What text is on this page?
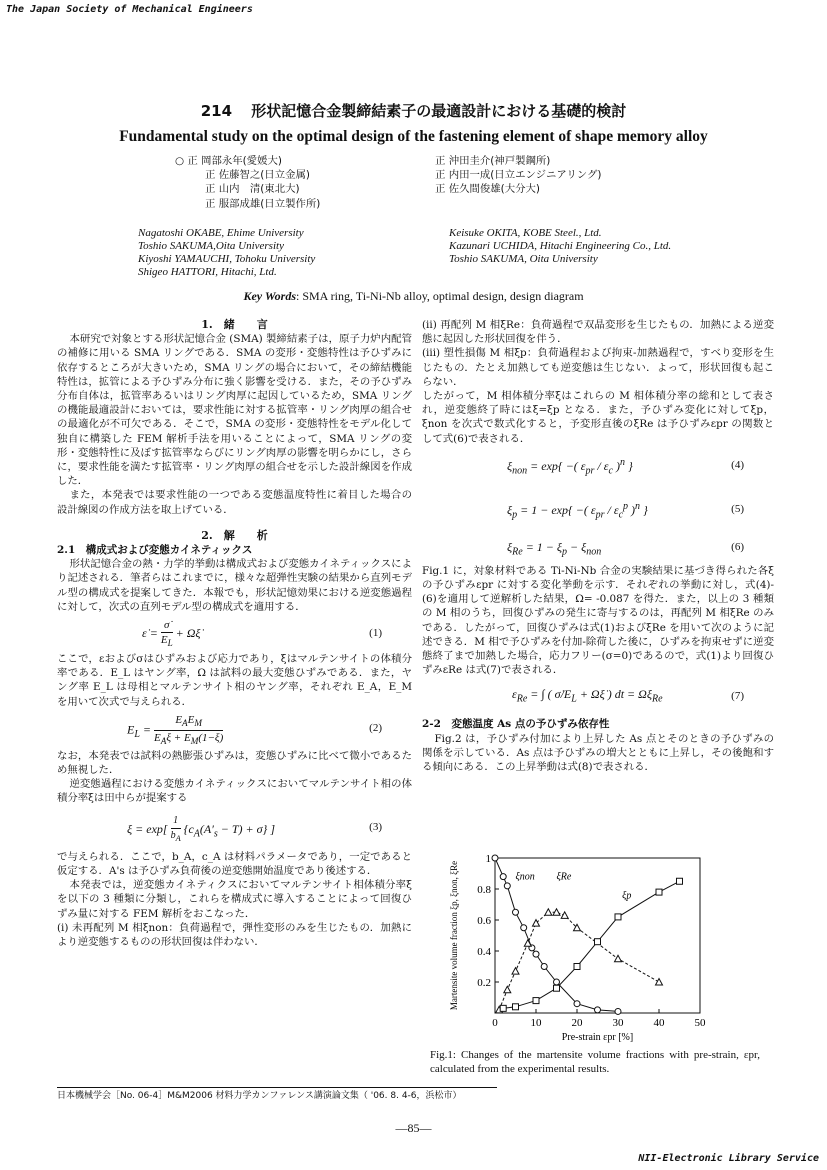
The Japan Society of Mechanical Engineers
214 形状記憶合金製締結素子の最適設計における基礎的検討
Fundamental study on the optimal design of the fastening element of shape memory alloy
○ 正 岡部永年(愛媛大)
正 佐藤智之(日立金属)
正 山内　清(東北大)
正 服部成雄(日立製作所)
正 沖田圭介(神戸製鋼所)
正 内田一成(日立エンジニアリング)
正 佐久間俊雄(大分大)
Nagatoshi OKABE, Ehime University
Toshio SAKUMA,Oita University
Kiyoshi YAMAUCHI, Tohoku University
Shigeo HATTORI, Hitachi, Ltd.
Keisuke OKITA, KOBE Steel., Ltd.
Kazunari UCHIDA, Hitachi Engineering Co., Ltd.
Toshio SAKUMA, Oita University
Key Words: SMA ring, Ti-Ni-Nb alloy, optimal design, design diagram
1.　緒　　言

本研究で対象とする形状記憶合金 (SMA) 製締結素子は，原子力炉内配管の補修に用いる SMA リングである．SMA の変形・変態特性は予ひずみに依存するところが大きいため，SMA リングの場合において，その締結機能特性は，拡管による予ひずみ分布に強く影響を受ける．また，その予ひずみ分布自体は，拡管率あるいはリング肉厚に起因しているため，SMA リングの機能最適設計においては，要求性能に対する拡管率・リング肉厚の組合せの最適化が不可欠である．そこで，SMA の変形・変態特性をモデル化して独自に構築した FEM 解析手法を用いることによって，SMA リングの変形・変態特性に及ぼす拡管率ならびにリング肉厚の影響を明らかにし，さらに，要求性能を満たす拡管率・リング肉厚の組合せを示した設計線図を作成した．

また，本発表では要求性能の一つである変態温度特性に着目した場合の設計線図の作成方法を取上げている．

2.　解　　析
2.1　構成式および変態カイネティックス

形状記憶合金の熱・力学的挙動は構成式および変態カイネティックスにより記述される．筆者らはこれまでに，様々な超弾性実験の結果から直列モデル型の構成式を提案してきた．本報でも，形状記憶効果における逆変態過程に対して，次式の直列モデル型の構成式を適用する．

ε̇ = $\frac{\sigmȧ}{E_L}$ + Ωξ̇	(1)

ここで，εおよびσはひずみおよび応力であり，ξはマルテンサイトの体積分率である．E_L はヤング率，Ω は試料の最大変態ひずみである．また，ヤング率 E_L は母相とマルテンサイト相のヤング率，それぞれ E_A，E_M を用いて次式で与えられる．

$E_L$ =
$E_AE_M$
$E_A\xi + E_M(1-\xi)$
(2)

なお，本発表では試料の熱膨張ひずみは，変態ひずみに比べて微小であるため無視した．

逆変態過程における変態カイネティックスにおいてマルテンサイト相の体積分率ξは田中らが提案する

$\xi = \exp[ \frac{1}{b_A} \{c_A(A'_s - T) + \sigma\}$ ]	(3)

で与えられる．ここで，b_A，c_A は材料パラメータであり，一定であると仮定する．A's は予ひずみ負荷後の逆変態開始温度であり後述する．

本発表では，逆変態カイネティクスにおいてマルテンサイト相体積分率ξを以下の 3 種類に分類し，これらを構成式に導入することによって回復ひずみ量に対する FEM 解析をおこなった．

(i) 未再配列 M 相ξnon：負荷過程で，弾性変形のみを生じたもの．加熱により逆変態するものの形状回復は伴わない．

(ii) 再配列 M 相ξRe：負荷過程で双晶変形を生じたもの．加熱による逆変態に起因した形状回復を伴う．

(iii) 塑性損傷 M 相ξp：負荷過程および拘束-加熱過程で，すべり変形を生じたもの．たとえ加熱しても逆変態は生じない．よって，形状回復も起こらない．

したがって，M 相体積分率ξはこれらの M 相体積分率の総和として表され，逆変態終了時にはξ=ξp となる．また，予ひずみ変化に対してξp，ξnon を次式で数式化すると，予変形直後のξRe は予ひずみεpr の関数として式(6)で表される．

$\xi_{non} = \exp${ −( $\varepsilon_{pr} / \varepsilon_c$ )$^n$ }	(4)
$\xi_p = 1 - \exp${ −( $\varepsilon_{pr} / \varepsilon_c^p$ )$^n$ }	(5)
$\xi_{Re} = 1 - \xi_p - \xi_{non}$	(6)

Fig.1 に，対象材料である Ti-Ni-Nb 合金の実験結果に基づき得られた各ξの予ひずみεpr に対する変化挙動を示す．それぞれの挙動に対し，式(4)-(6)を適用して逆解析した結果，Ω= -0.087 を得た．また，以上の 3 種類の M 相のうち，回復ひずみの発生に寄与するのは，再配列 M 相ξRe のみである．したがって，回復ひずみは式(1)およびξRe を用いて次のように記述できる．M 相で予ひずみを付加-除荷した後に，ひずみを拘束せずに逆変態終了まで加熱した場合，応力フリー(σ=0)であるので，式(1)より回復ひずみεRe は式(7)で表される．

$\varepsilon_{Re}$ = ∫ ( $\sigmȧ/E_L$ + Ωξ̇ ) dt = $\Omega\xi_{Re}$	(7)
2-2　変態温度 As 点の予ひずみ依存性

Fig.2 は，予ひずみ付加により上昇した As 点とそのときの予ひずみの関係を示している．As 点は予ひずみの増大とともに上昇し，その後飽和する傾向にある．この上昇挙動は式(8)で表される．

0	10	20	30	40	50
0.2
0.4
0.6
0.8
1
Pre-strain εpr [%]
Martensite volume fraction ξp, ξnon, ξRe	ξnon ξRe
ξp
Fig.1: Changes of the martensite volume fractions with pre-strain, εpr, calculated from the experimental results.
日本機械学会［No. 06-4］M&M2006 材料力学カンファレンス講演論文集（ '06. 8. 4-6，浜松市）
—85—
NII-Electronic Library Service
